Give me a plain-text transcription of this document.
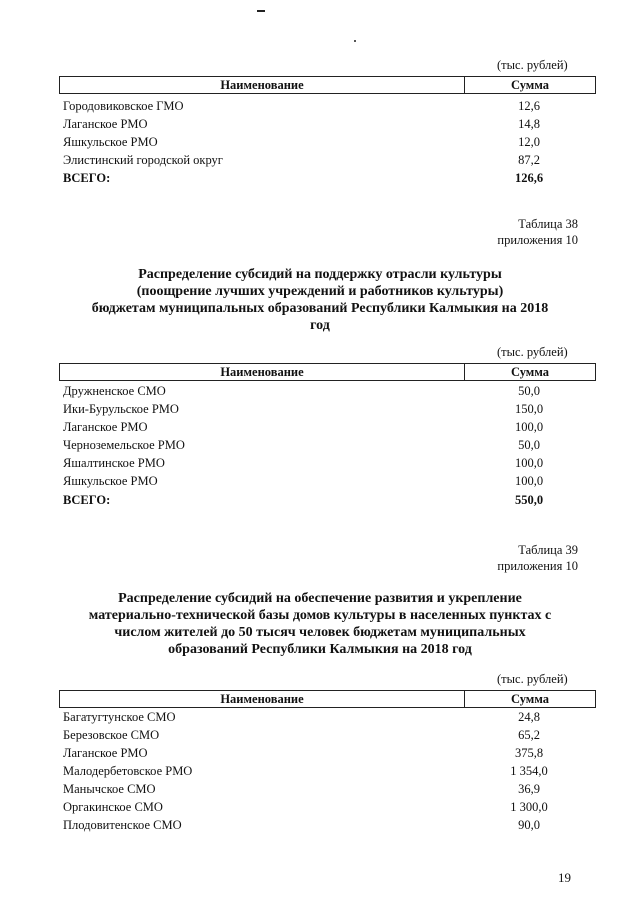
(тыс. рублей)
Наименование	Сумма
Городовиковское ГМО	12,6
Лаганское РМО	14,8
Яшкульское РМО	12,0
Элистинский городской округ	87,2
ВСЕГО:	126,6
Таблица 38
приложения 10
Распределение субсидий на поддержку отрасли культуры
(поощрение лучших учреждений и работников культуры)
бюджетам муниципальных образований Республики Калмыкия на 2018
год
(тыс. рублей)
Наименование	Сумма
Дружненское СМО	50,0
Ики-Бурульское РМО	150,0
Лаганское РМО	100,0
Черноземельское РМО	50,0
Яшалтинское РМО	100,0
Яшкульское РМО	100,0
ВСЕГО:	550,0
Таблица 39
приложения 10
Распределение субсидий на обеспечение развития и укрепление
материально-технической базы домов культуры в населенных пунктах с
числом жителей до 50 тысяч человек бюджетам муниципальных
образований Республики Калмыкия на 2018 год
(тыс. рублей)
Наименование	Сумма
Багатугтунское СМО	24,8
Березовское СМО	65,2
Лаганское РМО	375,8
Малодербетовское РМО	1 354,0
Манычское СМО	36,9
Оргакинское СМО	1 300,0
Плодовитенское СМО	90,0
19
